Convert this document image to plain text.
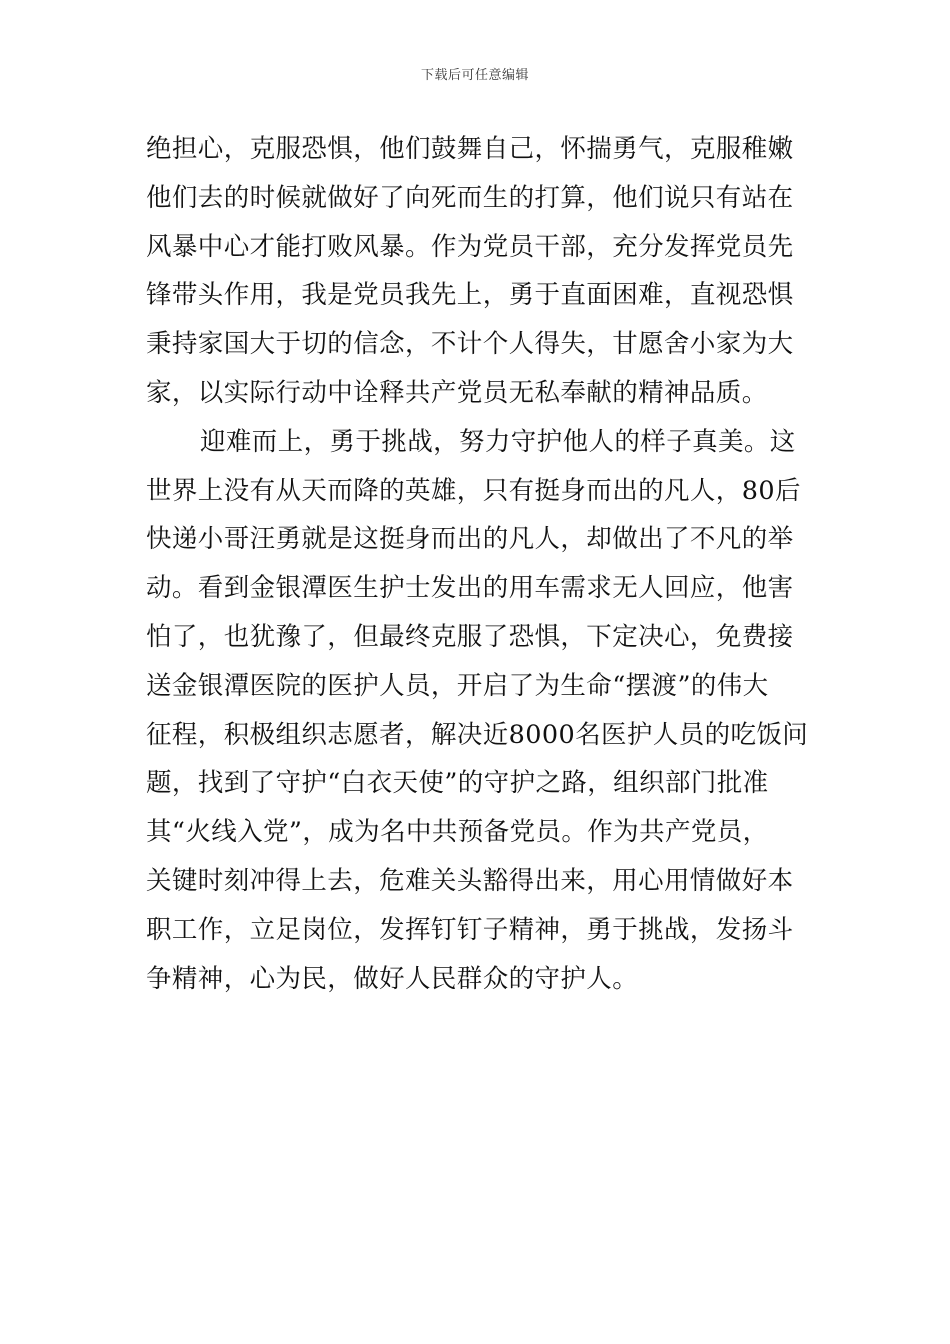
下载后可任意编辑
绝担心，克服恐惧，他们鼓舞自己，怀揣勇气，克服稚嫩
他们去的时候就做好了向死而生的打算，他们说只有站在
风暴中心才能打败风暴。作为党员干部，充分发挥党员先
锋带头作用，我是党员我先上，勇于直面困难，直视恐惧
秉持家国大于切的信念，不计个人得失，甘愿舍小家为大
家，以实际行动中诠释共产党员无私奉献的精神品质。
迎难而上，勇于挑战，努力守护他人的样子真美。这
世界上没有从天而降的英雄，只有挺身而出的凡人，80后
快递小哥汪勇就是这挺身而出的凡人，却做出了不凡的举
动。看到金银潭医生护士发出的用车需求无人回应，他害
怕了，也犹豫了，但最终克服了恐惧，下定决心，免费接
送金银潭医院的医护人员，开启了为生命“摆渡”的伟大
征程，积极组织志愿者，解决近8000名医护人员的吃饭问
题，找到了守护“白衣天使”的守护之路，组织部门批准
其“火线入党”，成为名中共预备党员。作为共产党员，
关键时刻冲得上去，危难关头豁得出来，用心用情做好本
职工作，立足岗位，发挥钉钉子精神，勇于挑战，发扬斗
争精神，心为民，做好人民群众的守护人。
